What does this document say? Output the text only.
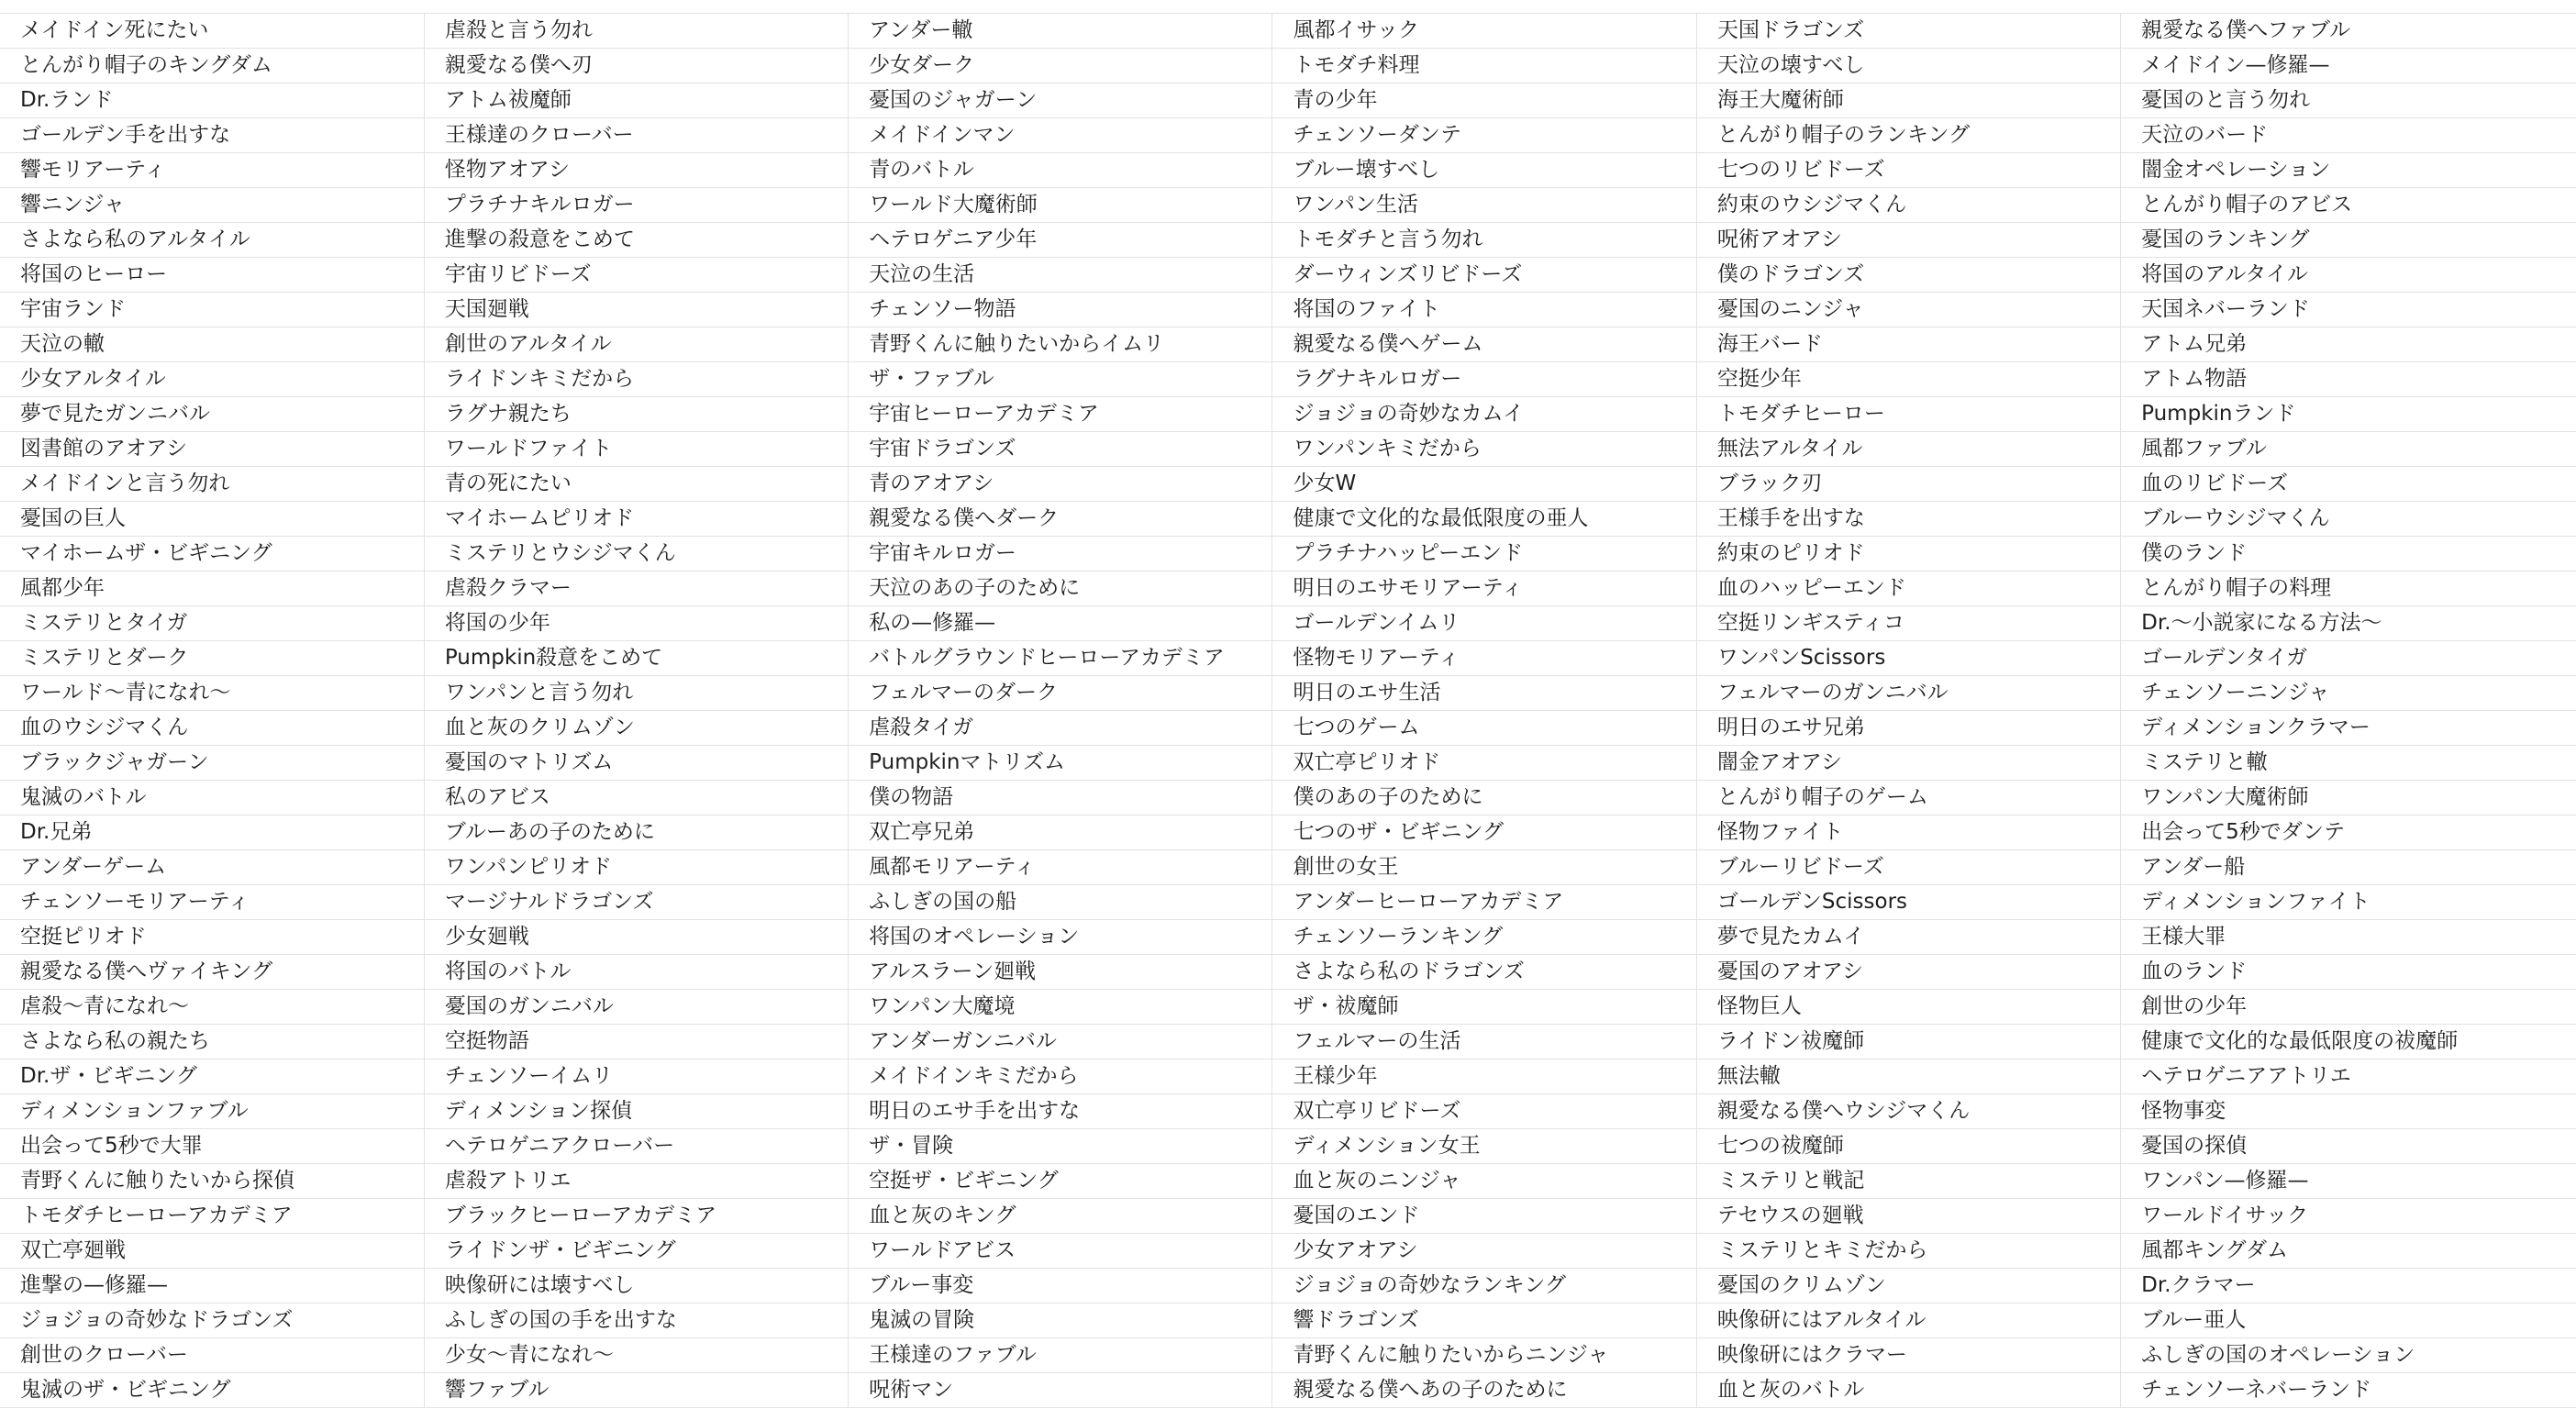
メイドイン死にたい	虐殺と言う勿れ	アンダー轍	風都イサック	天国ドラゴンズ	親愛なる僕へファブル
とんがり帽子のキングダム	親愛なる僕へ刃	少女ダーク	トモダチ料理	天泣の壊すべし	メイドイン—修羅—
Dr.ランド	アトム祓魔師	憂国のジャガーン	青の少年	海王大魔術師	憂国のと言う勿れ
ゴールデン手を出すな	王様達のクローバー	メイドインマン	チェンソーダンテ	とんがり帽子のランキング	天泣のバード
響モリアーティ	怪物アオアシ	青のバトル	ブルー壊すべし	七つのリビドーズ	闇金オペレーション
響ニンジャ	プラチナキルロガー	ワールド大魔術師	ワンパン生活	約束のウシジマくん	とんがり帽子のアビス
さよなら私のアルタイル	進撃の殺意をこめて	ヘテロゲニア少年	トモダチと言う勿れ	呪術アオアシ	憂国のランキング
将国のヒーロー	宇宙リビドーズ	天泣の生活	ダーウィンズリビドーズ	僕のドラゴンズ	将国のアルタイル
宇宙ランド	天国廻戦	チェンソー物語	将国のファイト	憂国のニンジャ	天国ネバーランド
天泣の轍	創世のアルタイル	青野くんに触りたいからイムリ	親愛なる僕へゲーム	海王バード	アトム兄弟
少女アルタイル	ライドンキミだから	ザ・ファブル	ラグナキルロガー	空挺少年	アトム物語
夢で見たガンニバル	ラグナ親たち	宇宙ヒーローアカデミア	ジョジョの奇妙なカムイ	トモダチヒーロー	Pumpkinランド
図書館のアオアシ	ワールドファイト	宇宙ドラゴンズ	ワンパンキミだから	無法アルタイル	風都ファブル
メイドインと言う勿れ	青の死にたい	青のアオアシ	少女W	ブラック刃	血のリビドーズ
憂国の巨人	マイホームピリオド	親愛なる僕へダーク	健康で文化的な最低限度の亜人	王様手を出すな	ブルーウシジマくん
マイホームザ・ビギニング	ミステリとウシジマくん	宇宙キルロガー	プラチナハッピーエンド	約束のピリオド	僕のランド
風都少年	虐殺クラマー	天泣のあの子のために	明日のエサモリアーティ	血のハッピーエンド	とんがり帽子の料理
ミステリとタイガ	将国の少年	私の—修羅—	ゴールデンイムリ	空挺リンギスティコ	Dr.〜小説家になる方法〜
ミステリとダーク	Pumpkin殺意をこめて	バトルグラウンドヒーローアカデミア	怪物モリアーティ	ワンパンScissors	ゴールデンタイガ
ワールド〜青になれ〜	ワンパンと言う勿れ	フェルマーのダーク	明日のエサ生活	フェルマーのガンニバル	チェンソーニンジャ
血のウシジマくん	血と灰のクリムゾン	虐殺タイガ	七つのゲーム	明日のエサ兄弟	ディメンションクラマー
ブラックジャガーン	憂国のマトリズム	Pumpkinマトリズム	双亡亭ピリオド	闇金アオアシ	ミステリと轍
鬼滅のバトル	私のアビス	僕の物語	僕のあの子のために	とんがり帽子のゲーム	ワンパン大魔術師
Dr.兄弟	ブルーあの子のために	双亡亭兄弟	七つのザ・ビギニング	怪物ファイト	出会って5秒でダンテ
アンダーゲーム	ワンパンピリオド	風都モリアーティ	創世の女王	ブルーリビドーズ	アンダー船
チェンソーモリアーティ	マージナルドラゴンズ	ふしぎの国の船	アンダーヒーローアカデミア	ゴールデンScissors	ディメンションファイト
空挺ピリオド	少女廻戦	将国のオペレーション	チェンソーランキング	夢で見たカムイ	王様大罪
親愛なる僕へヴァイキング	将国のバトル	アルスラーン廻戦	さよなら私のドラゴンズ	憂国のアオアシ	血のランド
虐殺〜青になれ〜	憂国のガンニバル	ワンパン大魔境	ザ・祓魔師	怪物巨人	創世の少年
さよなら私の親たち	空挺物語	アンダーガンニバル	フェルマーの生活	ライドン祓魔師	健康で文化的な最低限度の祓魔師
Dr.ザ・ビギニング	チェンソーイムリ	メイドインキミだから	王様少年	無法轍	ヘテロゲニアアトリエ
ディメンションファブル	ディメンション探偵	明日のエサ手を出すな	双亡亭リビドーズ	親愛なる僕へウシジマくん	怪物事変
出会って5秒で大罪	ヘテロゲニアクローバー	ザ・冒険	ディメンション女王	七つの祓魔師	憂国の探偵
青野くんに触りたいから探偵	虐殺アトリエ	空挺ザ・ビギニング	血と灰のニンジャ	ミステリと戦記	ワンパン—修羅—
トモダチヒーローアカデミア	ブラックヒーローアカデミア	血と灰のキング	憂国のエンド	テセウスの廻戦	ワールドイサック
双亡亭廻戦	ライドンザ・ビギニング	ワールドアビス	少女アオアシ	ミステリとキミだから	風都キングダム
進撃の—修羅—	映像研には壊すべし	ブルー事変	ジョジョの奇妙なランキング	憂国のクリムゾン	Dr.クラマー
ジョジョの奇妙なドラゴンズ	ふしぎの国の手を出すな	鬼滅の冒険	響ドラゴンズ	映像研にはアルタイル	ブルー亜人
創世のクローバー	少女〜青になれ〜	王様達のファブル	青野くんに触りたいからニンジャ	映像研にはクラマー	ふしぎの国のオペレーション
鬼滅のザ・ビギニング	響ファブル	呪術マン	親愛なる僕へあの子のために	血と灰のバトル	チェンソーネバーランド
